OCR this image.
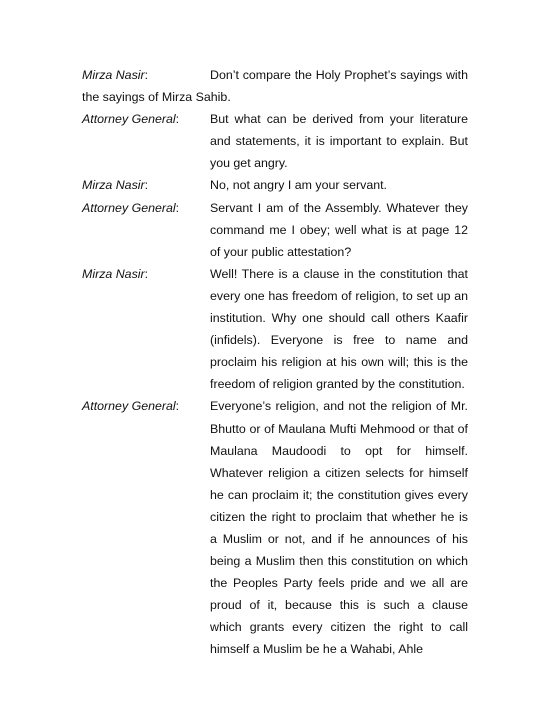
Mirza Nasir:	Don’t compare the Holy Prophet’s sayings with the sayings of Mirza Sahib.

Attorney General:	But what can be derived from your literature and statements, it is important to explain. But you get angry.
Mirza Nasir:	No, not angry I am your servant.
Attorney General:	Servant I am of the Assembly. Whatever they command me I obey; well what is at page 12 of your public attestation?
Mirza Nasir:	Well! There is a clause in the constitution that every one has freedom of religion, to set up an institution. Why one should call others Kaafir (infidels). Everyone is free to name and proclaim his religion at his own will; this is the freedom of religion granted by the constitution.
Attorney General:	Everyone’s religion, and not the religion of Mr. Bhutto or of Maulana Mufti Mehmood or that of Maulana Maudoodi to opt for himself. Whatever religion a citizen selects for himself he can proclaim it; the constitution gives every citizen the right to proclaim that whether he is a Muslim or not, and if he announces of his being a Muslim then this constitution on which the Peoples Party feels pride and we all are proud of it, because this is such a clause which grants every citizen the right to call himself a Muslim be he a Wahabi, Ahle
